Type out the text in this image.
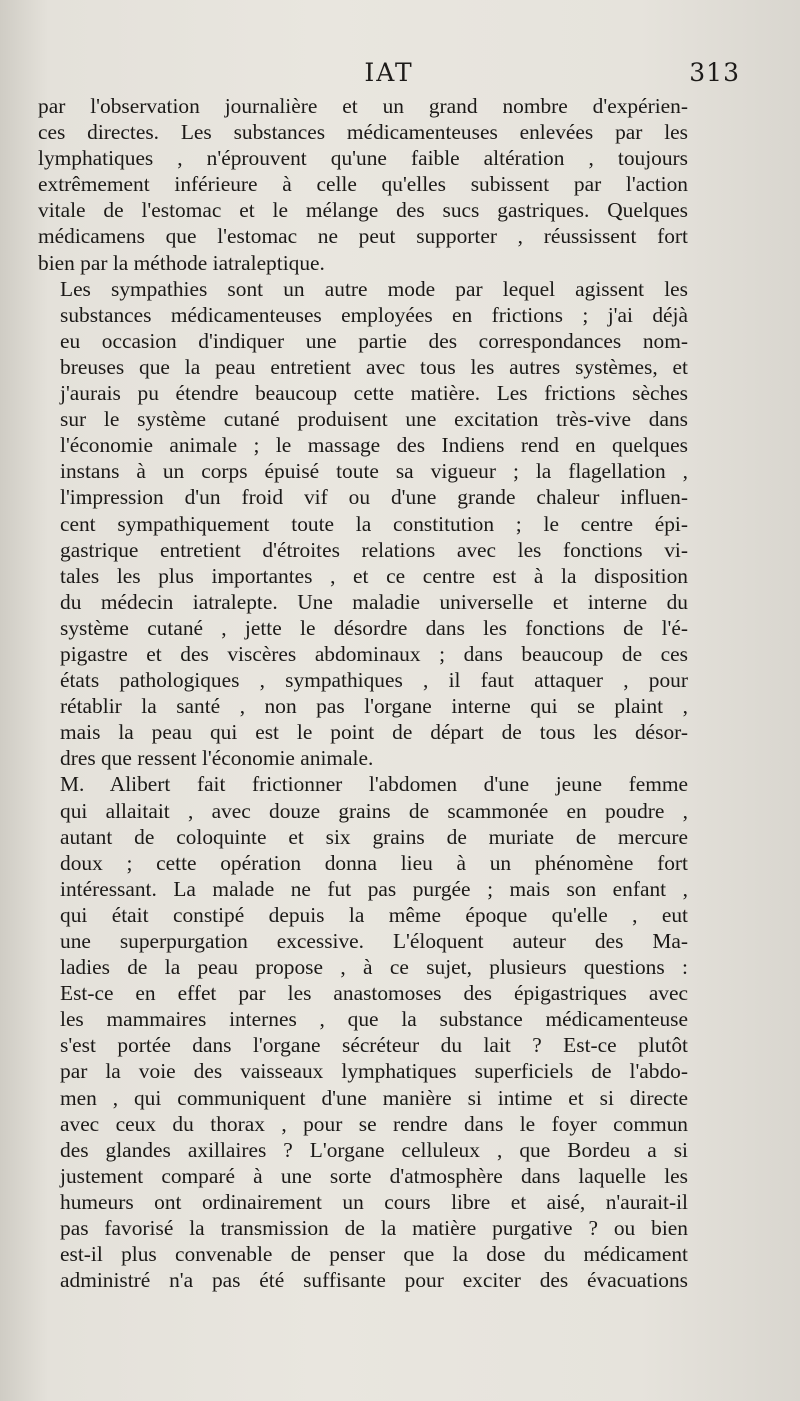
IAT	313
par l'observation journalière et un grand nombre d'expérien-
ces directes. Les substances médicamenteuses enlevées par les
lymphatiques , n'éprouvent qu'une faible altération , toujours
extrêmement inférieure à celle qu'elles subissent par l'action
vitale de l'estomac et le mélange des sucs gastriques. Quelques
médicamens que l'estomac ne peut supporter , réussissent fort
bien par la méthode iatraleptique.
Les sympathies sont un autre mode par lequel agissent les
substances médicamenteuses employées en frictions ; j'ai déjà
eu occasion d'indiquer une partie des correspondances nom-
breuses que la peau entretient avec tous les autres systèmes, et
j'aurais pu étendre beaucoup cette matière. Les frictions sèches
sur le système cutané produisent une excitation très-vive dans
l'économie animale ; le massage des Indiens rend en quelques
instans à un corps épuisé toute sa vigueur ; la flagellation ,
l'impression d'un froid vif ou d'une grande chaleur influen-
cent sympathiquement toute la constitution ; le centre épi-
gastrique entretient d'étroites relations avec les fonctions vi-
tales les plus importantes , et ce centre est à la disposition
du médecin iatralepte. Une maladie universelle et interne du
système cutané , jette le désordre dans les fonctions de l'é-
pigastre et des viscères abdominaux ; dans beaucoup de ces
états pathologiques , sympathiques , il faut attaquer , pour
rétablir la santé , non pas l'organe interne qui se plaint ,
mais la peau qui est le point de départ de tous les désor-
dres que ressent l'économie animale.
M. Alibert fait frictionner l'abdomen d'une jeune femme
qui allaitait , avec douze grains de scammonée en poudre ,
autant de coloquinte et six grains de muriate de mercure
doux ; cette opération donna lieu à un phénomène fort
intéressant. La malade ne fut pas purgée ; mais son enfant ,
qui était constipé depuis la même époque qu'elle , eut
une superpurgation excessive. L'éloquent auteur des Ma-
ladies de la peau propose , à ce sujet, plusieurs questions :
Est-ce en effet par les anastomoses des épigastriques avec
les mammaires internes , que la substance médicamenteuse
s'est portée dans l'organe sécréteur du lait ? Est-ce plutôt
par la voie des vaisseaux lymphatiques superficiels de l'abdo-
men , qui communiquent d'une manière si intime et si directe
avec ceux du thorax , pour se rendre dans le foyer commun
des glandes axillaires ? L'organe celluleux , que Bordeu a si
justement comparé à une sorte d'atmosphère dans laquelle les
humeurs ont ordinairement un cours libre et aisé, n'aurait-il
pas favorisé la transmission de la matière purgative ? ou bien
est-il plus convenable de penser que la dose du médicament
administré n'a pas été suffisante pour exciter des évacuations
